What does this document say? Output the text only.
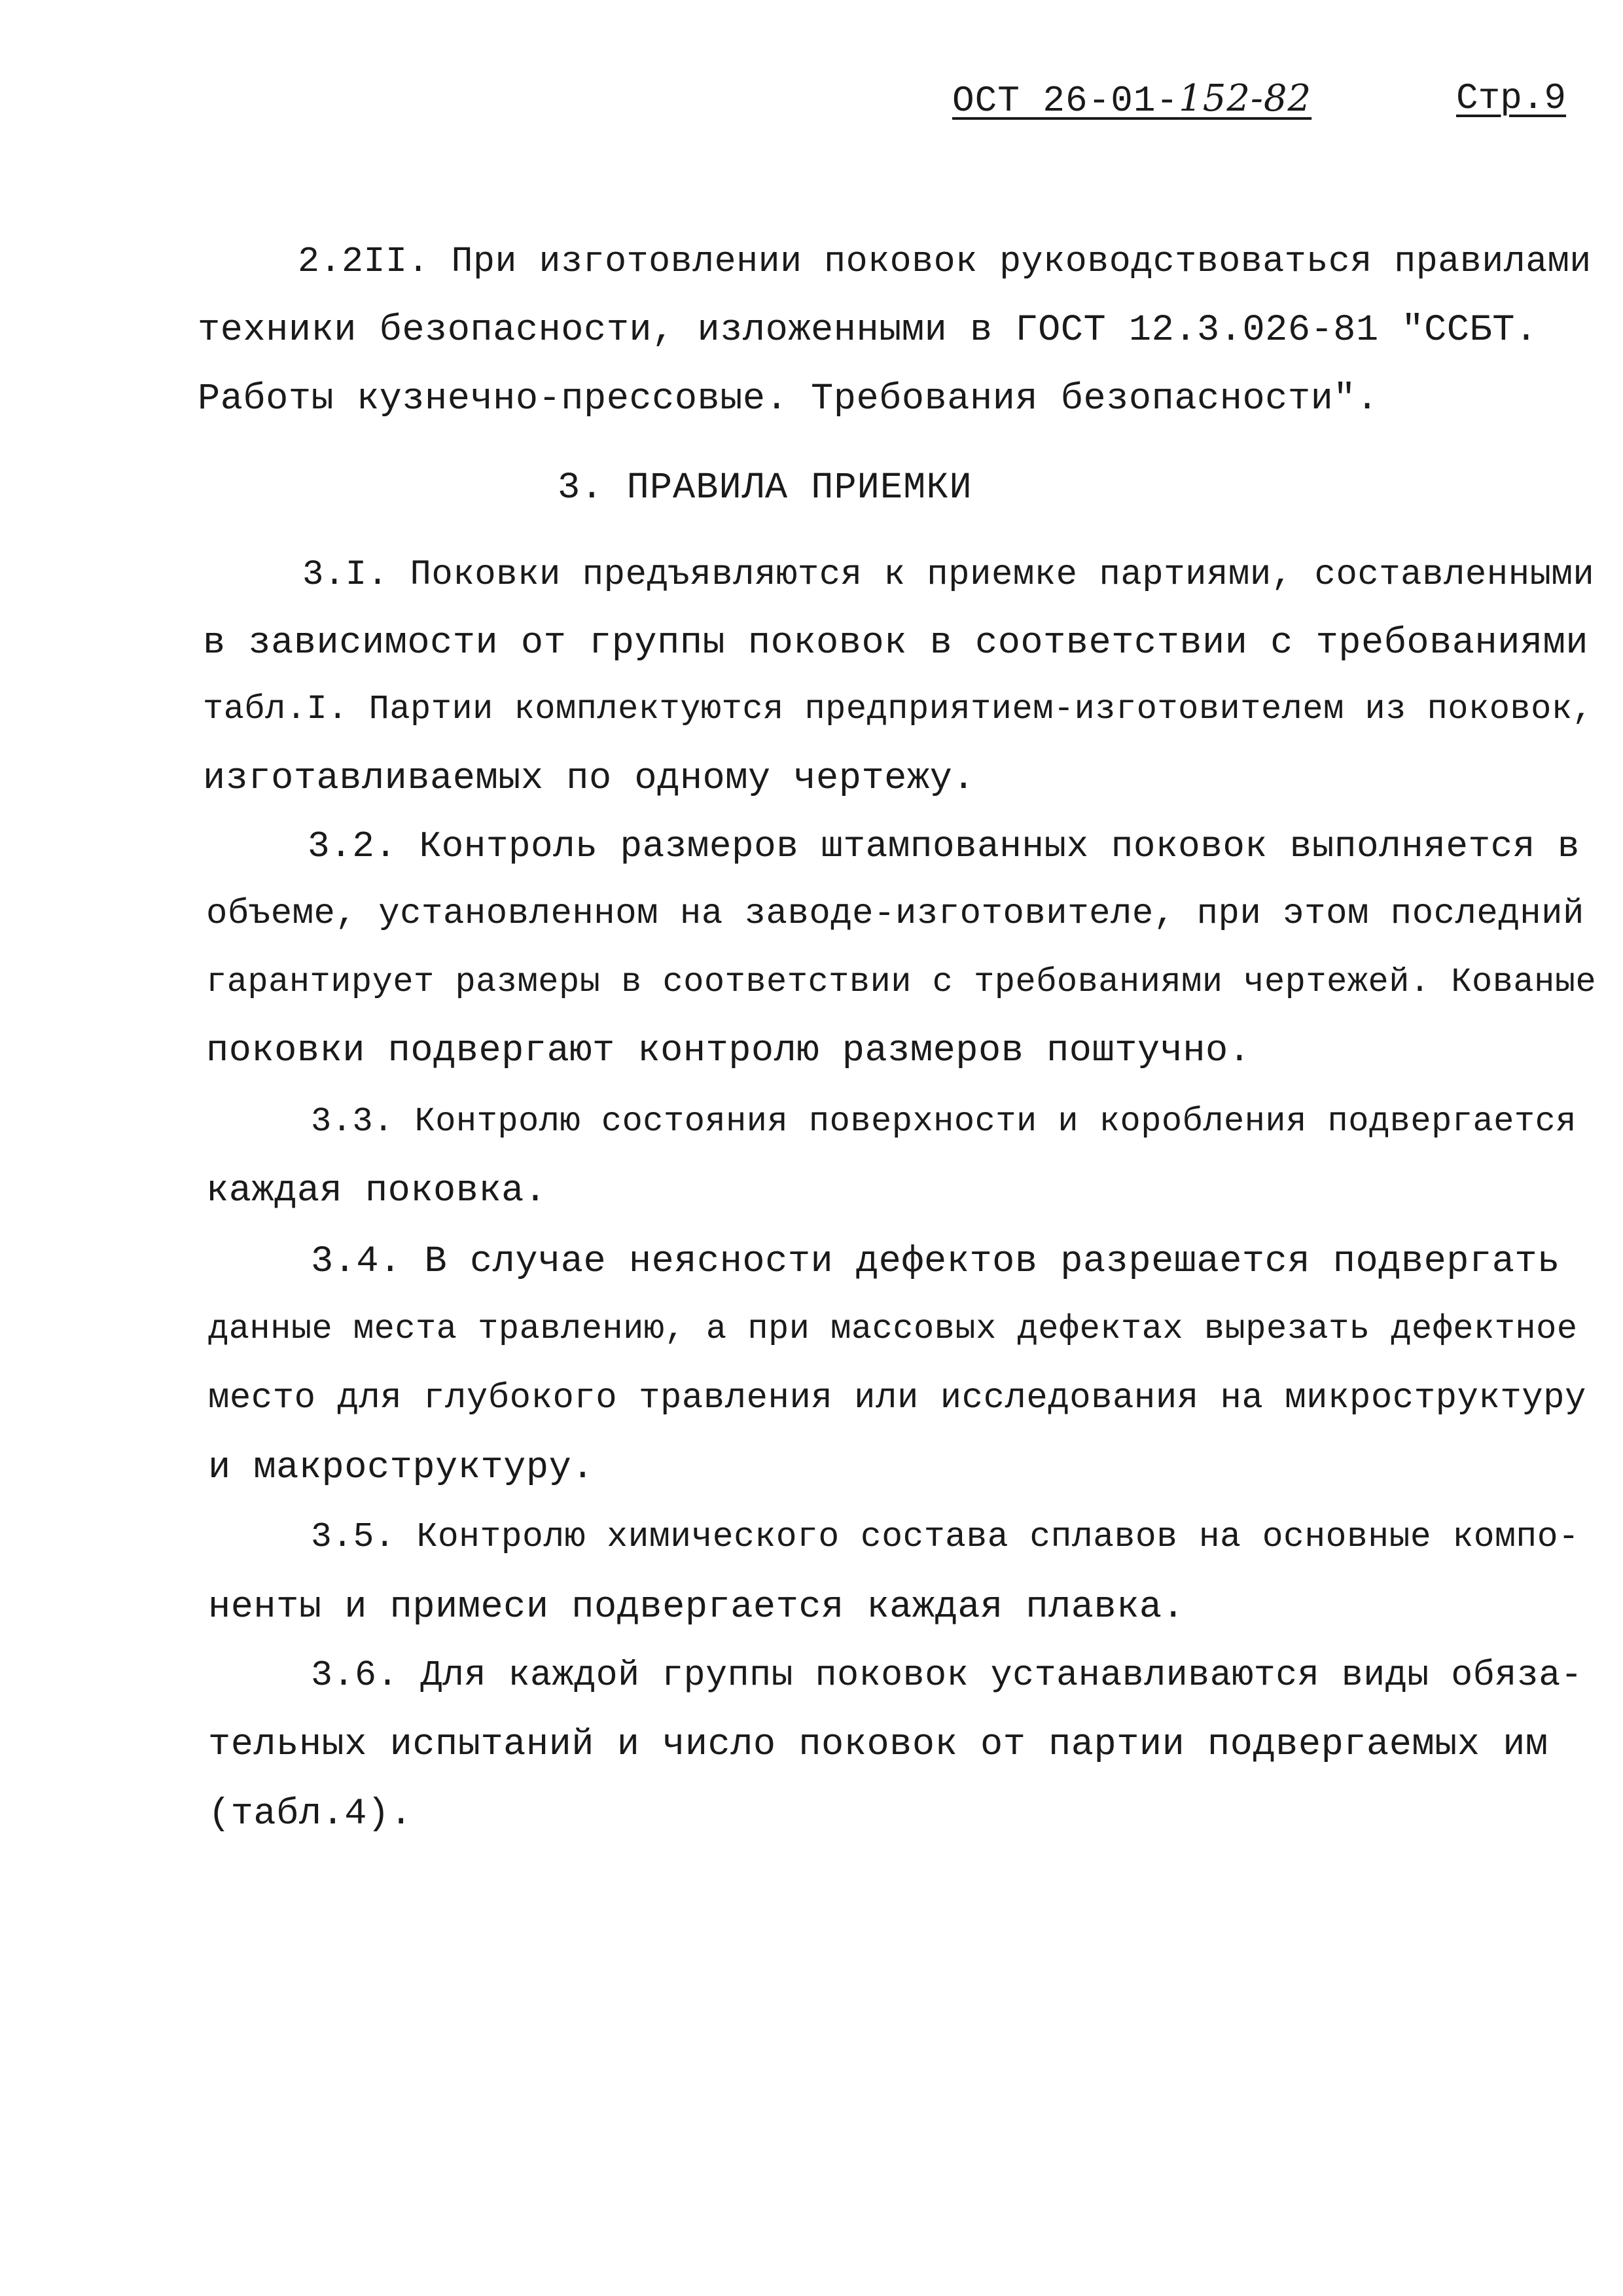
ОСТ 26-01-152-82	Стр.9
2.2II. При изготовлении поковок руководствоваться правилами
техники безопасности, изложенными в ГОСТ 12.3.026-81 "ССБТ.
Работы кузнечно-прессовые. Требования безопасности".
3. ПРАВИЛА ПРИЕМКИ
3.I. Поковки предъявляются к приемке партиями, составленными
в зависимости от группы поковок в соответствии с требованиями
табл.I. Партии комплектуются предприятием-изготовителем из поковок,
изготавливаемых по одному чертежу.
3.2. Контроль размеров штампованных поковок выполняется в
объеме, установленном на заводе-изготовителе, при этом последний
гарантирует размеры в соответствии с требованиями чертежей. Кованые
поковки подвергают контролю размеров поштучно.
3.3. Контролю состояния поверхности и коробления подвергается
каждая поковка.
3.4. В случае неясности дефектов разрешается подвергать
данные места травлению, а при массовых дефектах вырезать дефектное
место для глубокого травления или исследования на микроструктуру
и макроструктуру.
3.5. Контролю химического состава сплавов на основные компо-
ненты и примеси подвергается каждая плавка.
3.6. Для каждой группы поковок устанавливаются виды обяза-
тельных испытаний и число поковок от партии подвергаемых им
(табл.4).
